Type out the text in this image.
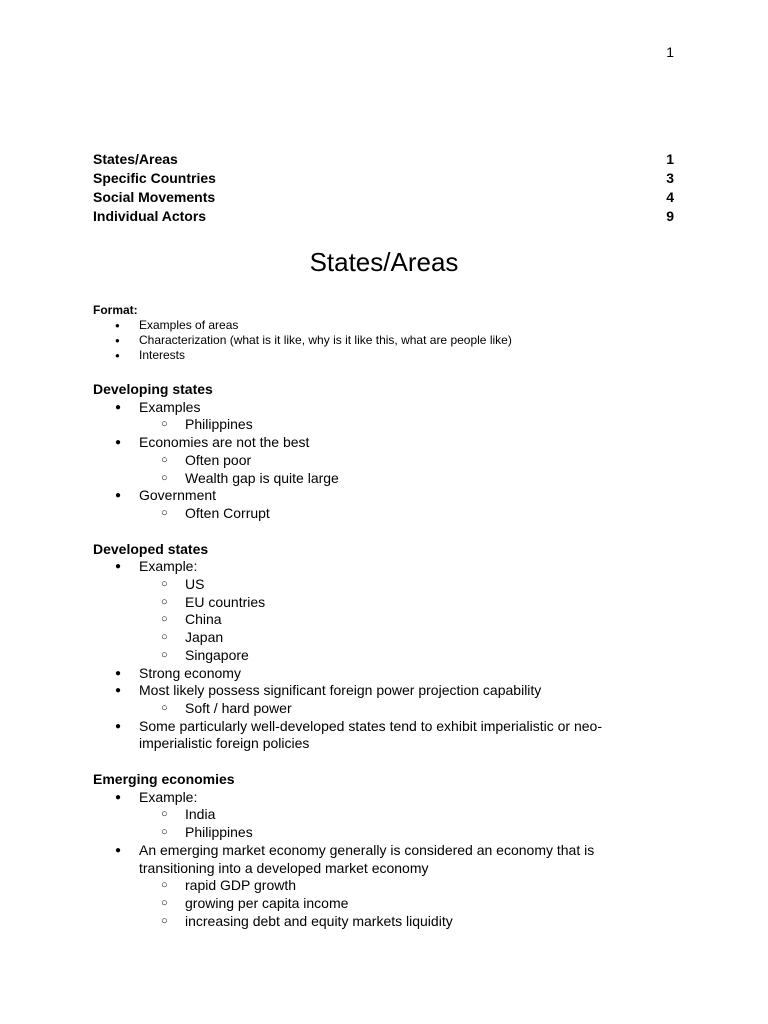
1
States/Areas	1
Specific Countries	3
Social Movements	4
Individual Actors	9
States/Areas
Format:
● Examples of areas
● Characterization (what is it like, why is it like this, what are people like)
● Interests
Developing states
● Examples
○ Philippines
● Economies are not the best
○ Often poor
○ Wealth gap is quite large
● Government
○ Often Corrupt
Developed states
● Example:
○ US
○ EU countries
○ China
○ Japan
○ Singapore
● Strong economy
● Most likely possess significant foreign power projection capability
○ Soft / hard power
● Some particularly well-developed states tend to exhibit imperialistic or neo-imperialistic foreign policies
Emerging economies
● Example:
○ India
○ Philippines
● An emerging market economy generally is considered an economy that is transitioning into a developed market economy
○ rapid GDP growth
○ growing per capita income
○ increasing debt and equity markets liquidity
